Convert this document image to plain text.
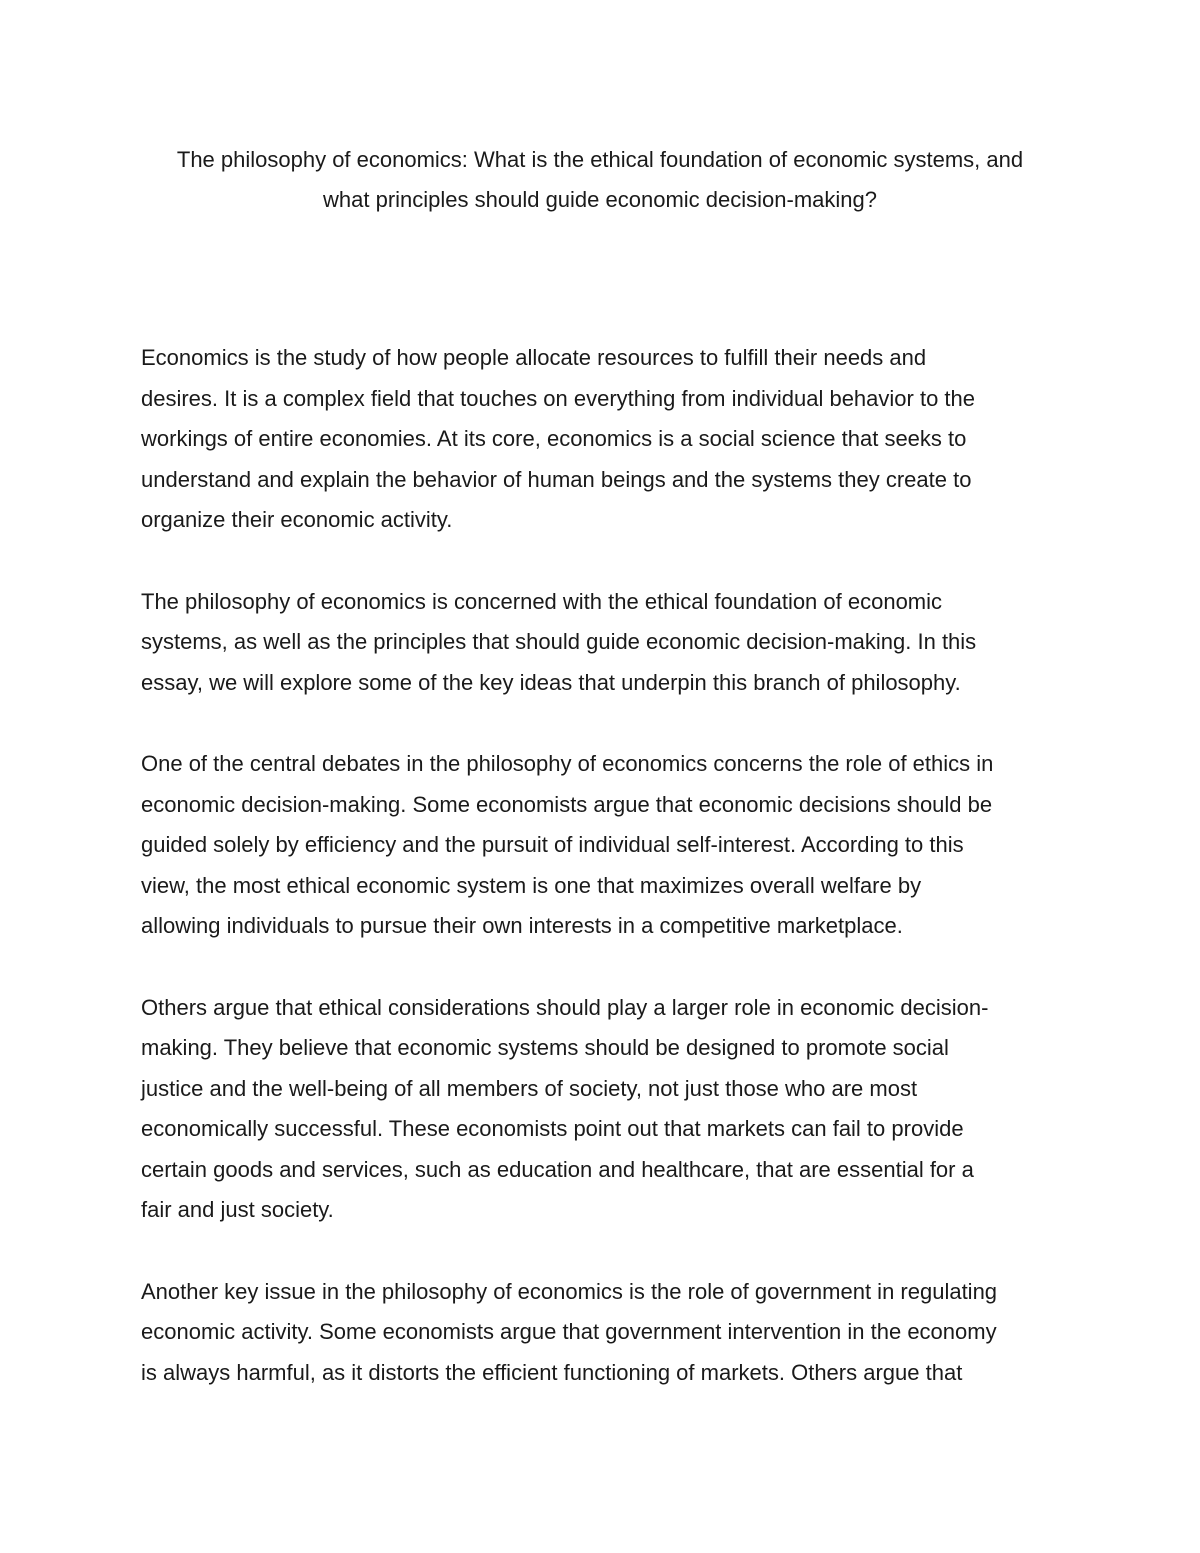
The philosophy of economics: What is the ethical foundation of economic systems, and
what principles should guide economic decision-making?

Economics is the study of how people allocate resources to fulfill their needs and
desires. It is a complex field that touches on everything from individual behavior to the
workings of entire economies. At its core, economics is a social science that seeks to
understand and explain the behavior of human beings and the systems they create to
organize their economic activity.

The philosophy of economics is concerned with the ethical foundation of economic
systems, as well as the principles that should guide economic decision-making. In this
essay, we will explore some of the key ideas that underpin this branch of philosophy.

One of the central debates in the philosophy of economics concerns the role of ethics in
economic decision-making. Some economists argue that economic decisions should be
guided solely by efficiency and the pursuit of individual self-interest. According to this
view, the most ethical economic system is one that maximizes overall welfare by
allowing individuals to pursue their own interests in a competitive marketplace.

Others argue that ethical considerations should play a larger role in economic decision-
making. They believe that economic systems should be designed to promote social
justice and the well-being of all members of society, not just those who are most
economically successful. These economists point out that markets can fail to provide
certain goods and services, such as education and healthcare, that are essential for a
fair and just society.

Another key issue in the philosophy of economics is the role of government in regulating
economic activity. Some economists argue that government intervention in the economy
is always harmful, as it distorts the efficient functioning of markets. Others argue that
